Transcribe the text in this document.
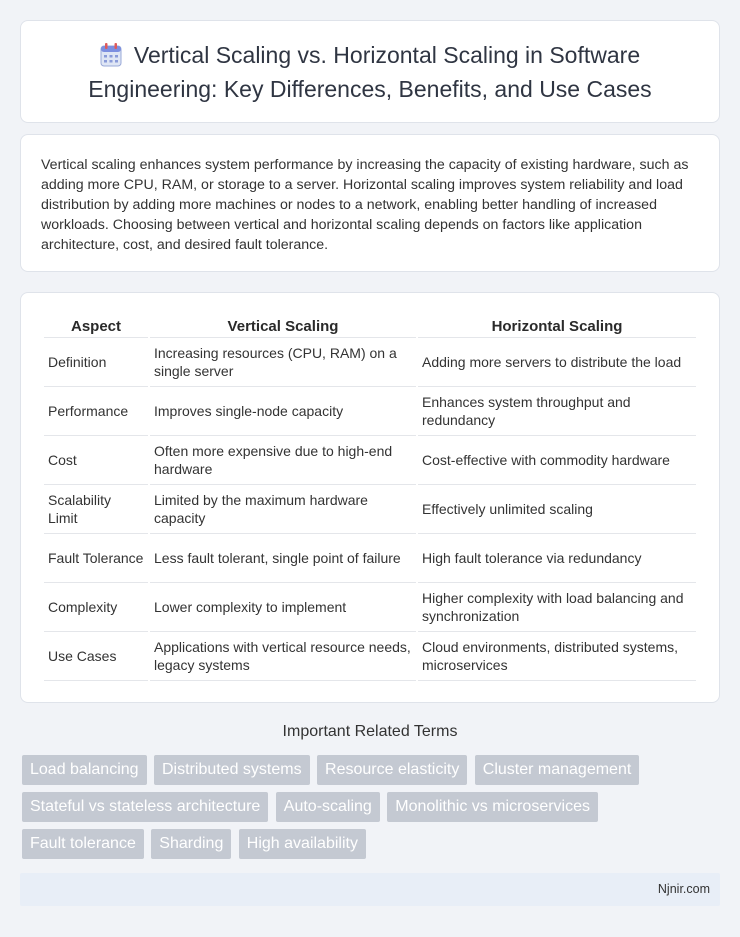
Vertical Scaling vs. Horizontal Scaling in Software Engineering: Key Differences, Benefits, and Use Cases

Vertical scaling enhances system performance by increasing the capacity of existing hardware, such as adding more CPU, RAM, or storage to a server. Horizontal scaling improves system reliability and load distribution by adding more machines or nodes to a network, enabling better handling of increased workloads. Choosing between vertical and horizontal scaling depends on factors like application architecture, cost, and desired fault tolerance.

Aspect	Vertical Scaling	Horizontal Scaling
Definition	Increasing resources (CPU, RAM) on a single server	Adding more servers to distribute the load
Performance	Improves single-node capacity	Enhances system throughput and redundancy
Cost	Often more expensive due to high-end hardware	Cost-effective with commodity hardware
Scalability Limit	Limited by the maximum hardware capacity	Effectively unlimited scaling
Fault Tolerance	Less fault tolerant, single point of failure	High fault tolerance via redundancy
Complexity	Lower complexity to implement	Higher complexity with load balancing and synchronization
Use Cases	Applications with vertical resource needs, legacy systems	Cloud environments, distributed systems, microservices
Important Related Terms
Load balancing Distributed systems Resource elasticity Cluster management Stateful vs stateless architecture Auto-scaling Monolithic vs microservices Fault tolerance Sharding High availability
Njnir.com
